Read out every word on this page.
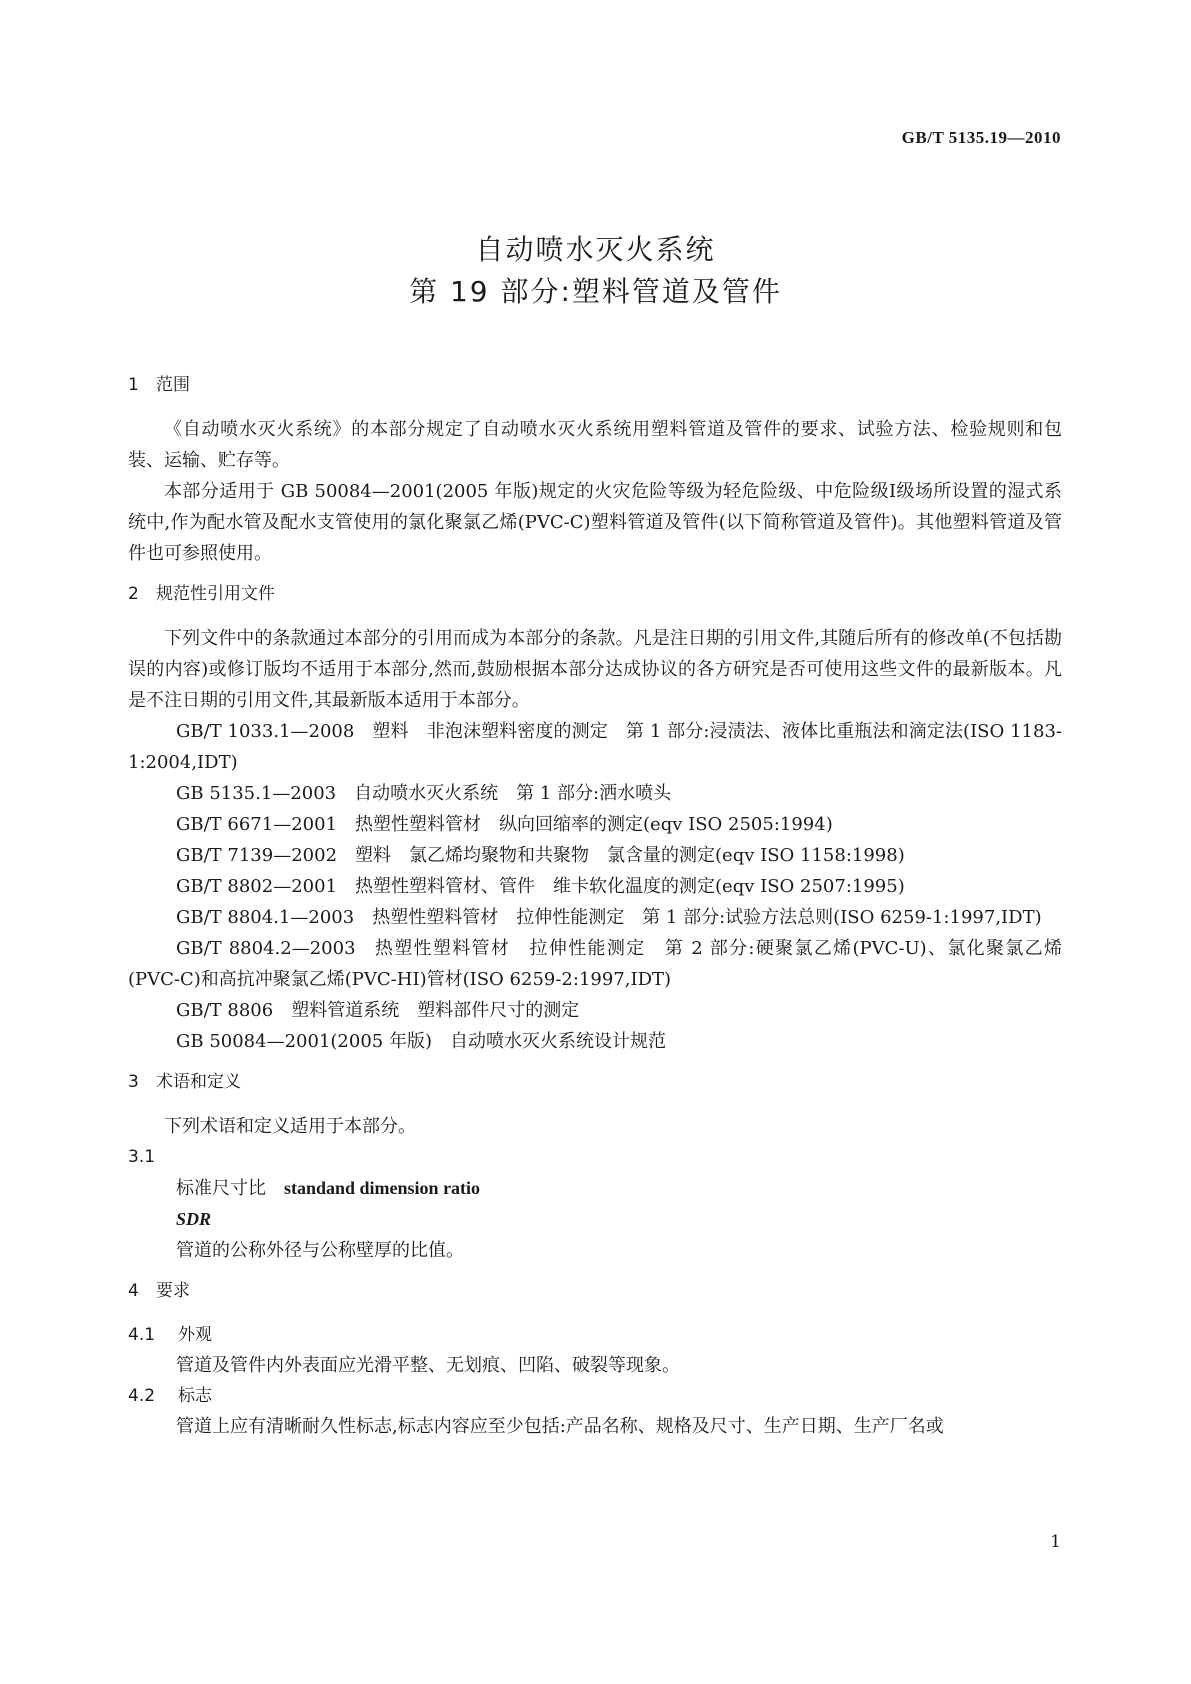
GB/T 5135.19—2010
自动喷水灭火系统
第 19 部分:塑料管道及管件
1 范围

《自动喷水灭火系统》的本部分规定了自动喷水灭火系统用塑料管道及管件的要求、试验方法、检验规则和包装、运输、贮存等。

本部分适用于 GB 50084—2001(2005 年版)规定的火灾危险等级为轻危险级、中危险级Ⅰ级场所设置的湿式系统中,作为配水管及配水支管使用的氯化聚氯乙烯(PVC-C)塑料管道及管件(以下简称管道及管件)。其他塑料管道及管件也可参照使用。

2 规范性引用文件

下列文件中的条款通过本部分的引用而成为本部分的条款。凡是注日期的引用文件,其随后所有的修改单(不包括勘误的内容)或修订版均不适用于本部分,然而,鼓励根据本部分达成协议的各方研究是否可使用这些文件的最新版本。凡是不注日期的引用文件,其最新版本适用于本部分。

GB/T 1033.1—2008 塑料　非泡沫塑料密度的测定　第 1 部分:浸渍法、液体比重瓶法和滴定法(ISO 1183-1:2004,IDT)
GB 5135.1—2003 自动喷水灭火系统　第 1 部分:洒水喷头
GB/T 6671—2001 热塑性塑料管材　纵向回缩率的测定(eqv ISO 2505:1994)
GB/T 7139—2002 塑料　氯乙烯均聚物和共聚物　氯含量的测定(eqv ISO 1158:1998)
GB/T 8802—2001 热塑性塑料管材、管件　维卡软化温度的测定(eqv ISO 2507:1995)
GB/T 8804.1—2003 热塑性塑料管材　拉伸性能测定　第 1 部分:试验方法总则(ISO 6259-1:1997,IDT)
GB/T 8804.2—2003 热塑性塑料管材　拉伸性能测定　第 2 部分:硬聚氯乙烯(PVC-U)、氯化聚氯乙烯(PVC-C)和高抗冲聚氯乙烯(PVC-HI)管材(ISO 6259-2:1997,IDT)
GB/T 8806 塑料管道系统　塑料部件尺寸的测定
GB 50084—2001(2005 年版) 自动喷水灭火系统设计规范
3 术语和定义

下列术语和定义适用于本部分。

3.1
标准尺寸比 standand dimension ratio
SDR
管道的公称外径与公称壁厚的比值。
4 要求
4.1 外观

管道及管件内外表面应光滑平整、无划痕、凹陷、破裂等现象。

4.2 标志

管道上应有清晰耐久性标志,标志内容应至少包括:产品名称、规格及尺寸、生产日期、生产厂名或

1
